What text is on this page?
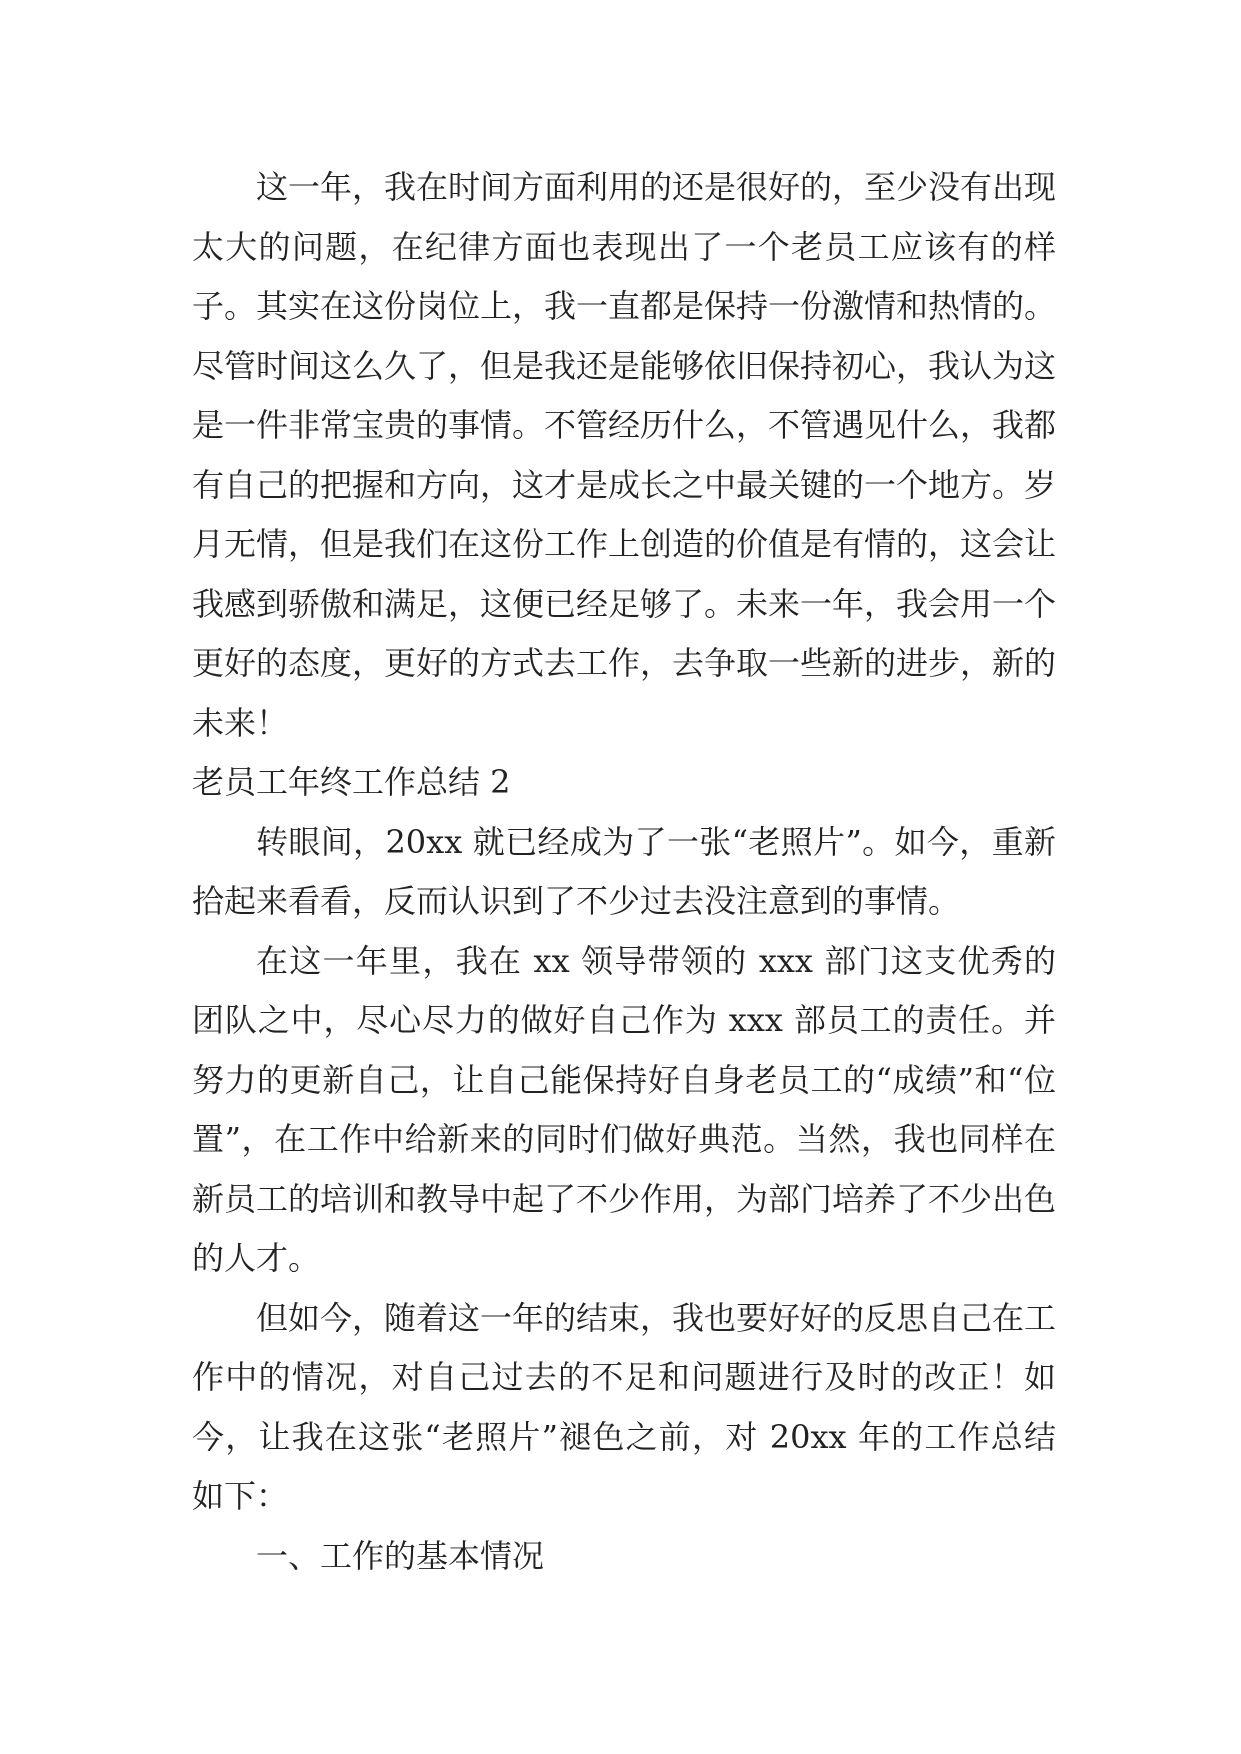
这一年，我在时间方面利用的还是很好的，至少没有出现太大的问题，在纪律方面也表现出了一个老员工应该有的样子。其实在这份岗位上，我一直都是保持一份激情和热情的。尽管时间这么久了，但是我还是能够依旧保持初心，我认为这是一件非常宝贵的事情。不管经历什么，不管遇见什么，我都有自己的把握和方向，这才是成长之中最关键的一个地方。岁月无情，但是我们在这份工作上创造的价值是有情的，这会让我感到骄傲和满足，这便已经足够了。未来一年，我会用一个更好的态度，更好的方式去工作，去争取一些新的进步，新的未来！

老员工年终工作总结 2

转眼间，20xx 就已经成为了一张“老照片”。如今，重新拾起来看看，反而认识到了不少过去没注意到的事情。

在这一年里，我在 xx 领导带领的 xxx 部门这支优秀的团队之中，尽心尽力的做好自己作为 xxx 部员工的责任。并努力的更新自己，让自己能保持好自身老员工的“成绩”和“位置”，在工作中给新来的同时们做好典范。当然，我也同样在新员工的培训和教导中起了不少作用，为部门培养了不少出色的人才。

但如今，随着这一年的结束，我也要好好的反思自己在工作中的情况，对自己过去的不足和问题进行及时的改正！如今，让我在这张“老照片”褪色之前，对 20xx 年的工作总结如下：

一、工作的基本情况
